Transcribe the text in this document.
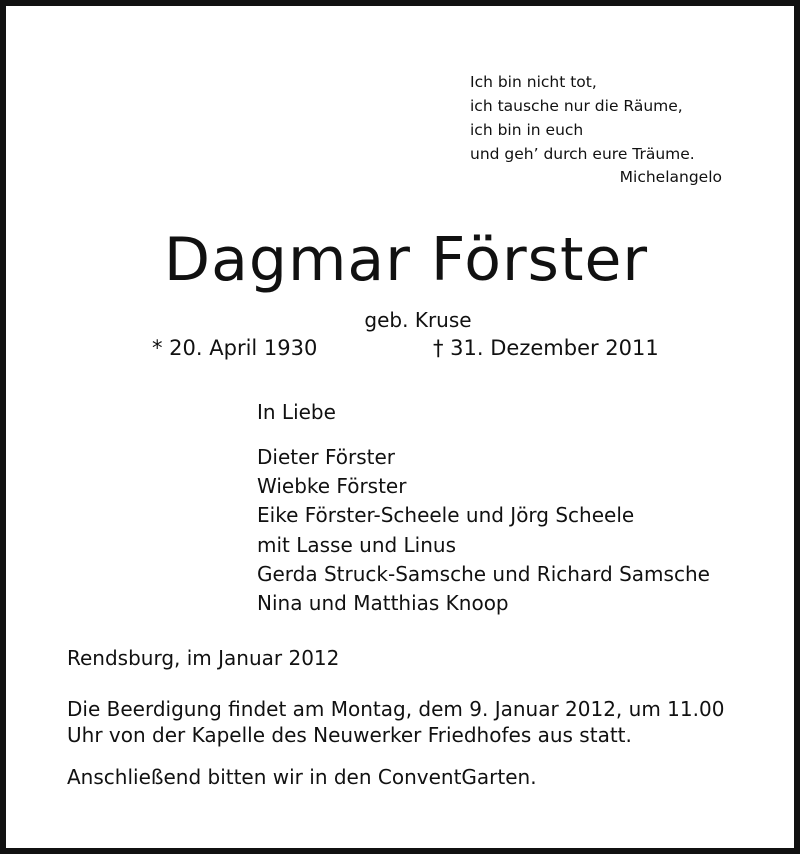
Ich bin nicht tot,
ich tausche nur die Räume,
ich bin in euch
und geh’ durch eure Träume.
Michelangelo
Dagmar Förster
geb. Kruse
* 20. April 1930	† 31. Dezember 2011
In Liebe
Dieter Förster
Wiebke Förster
Eike Förster-Scheele und Jörg Scheele
mit Lasse und Linus
Gerda Struck-Samsche und Richard Samsche
Nina und Matthias Knoop
Rendsburg, im Januar 2012
Die Beerdigung findet am Montag, dem 9. Januar 2012, um 11.00
Uhr von der Kapelle des Neuwerker Friedhofes aus statt.
Anschließend bitten wir in den ConventGarten.
